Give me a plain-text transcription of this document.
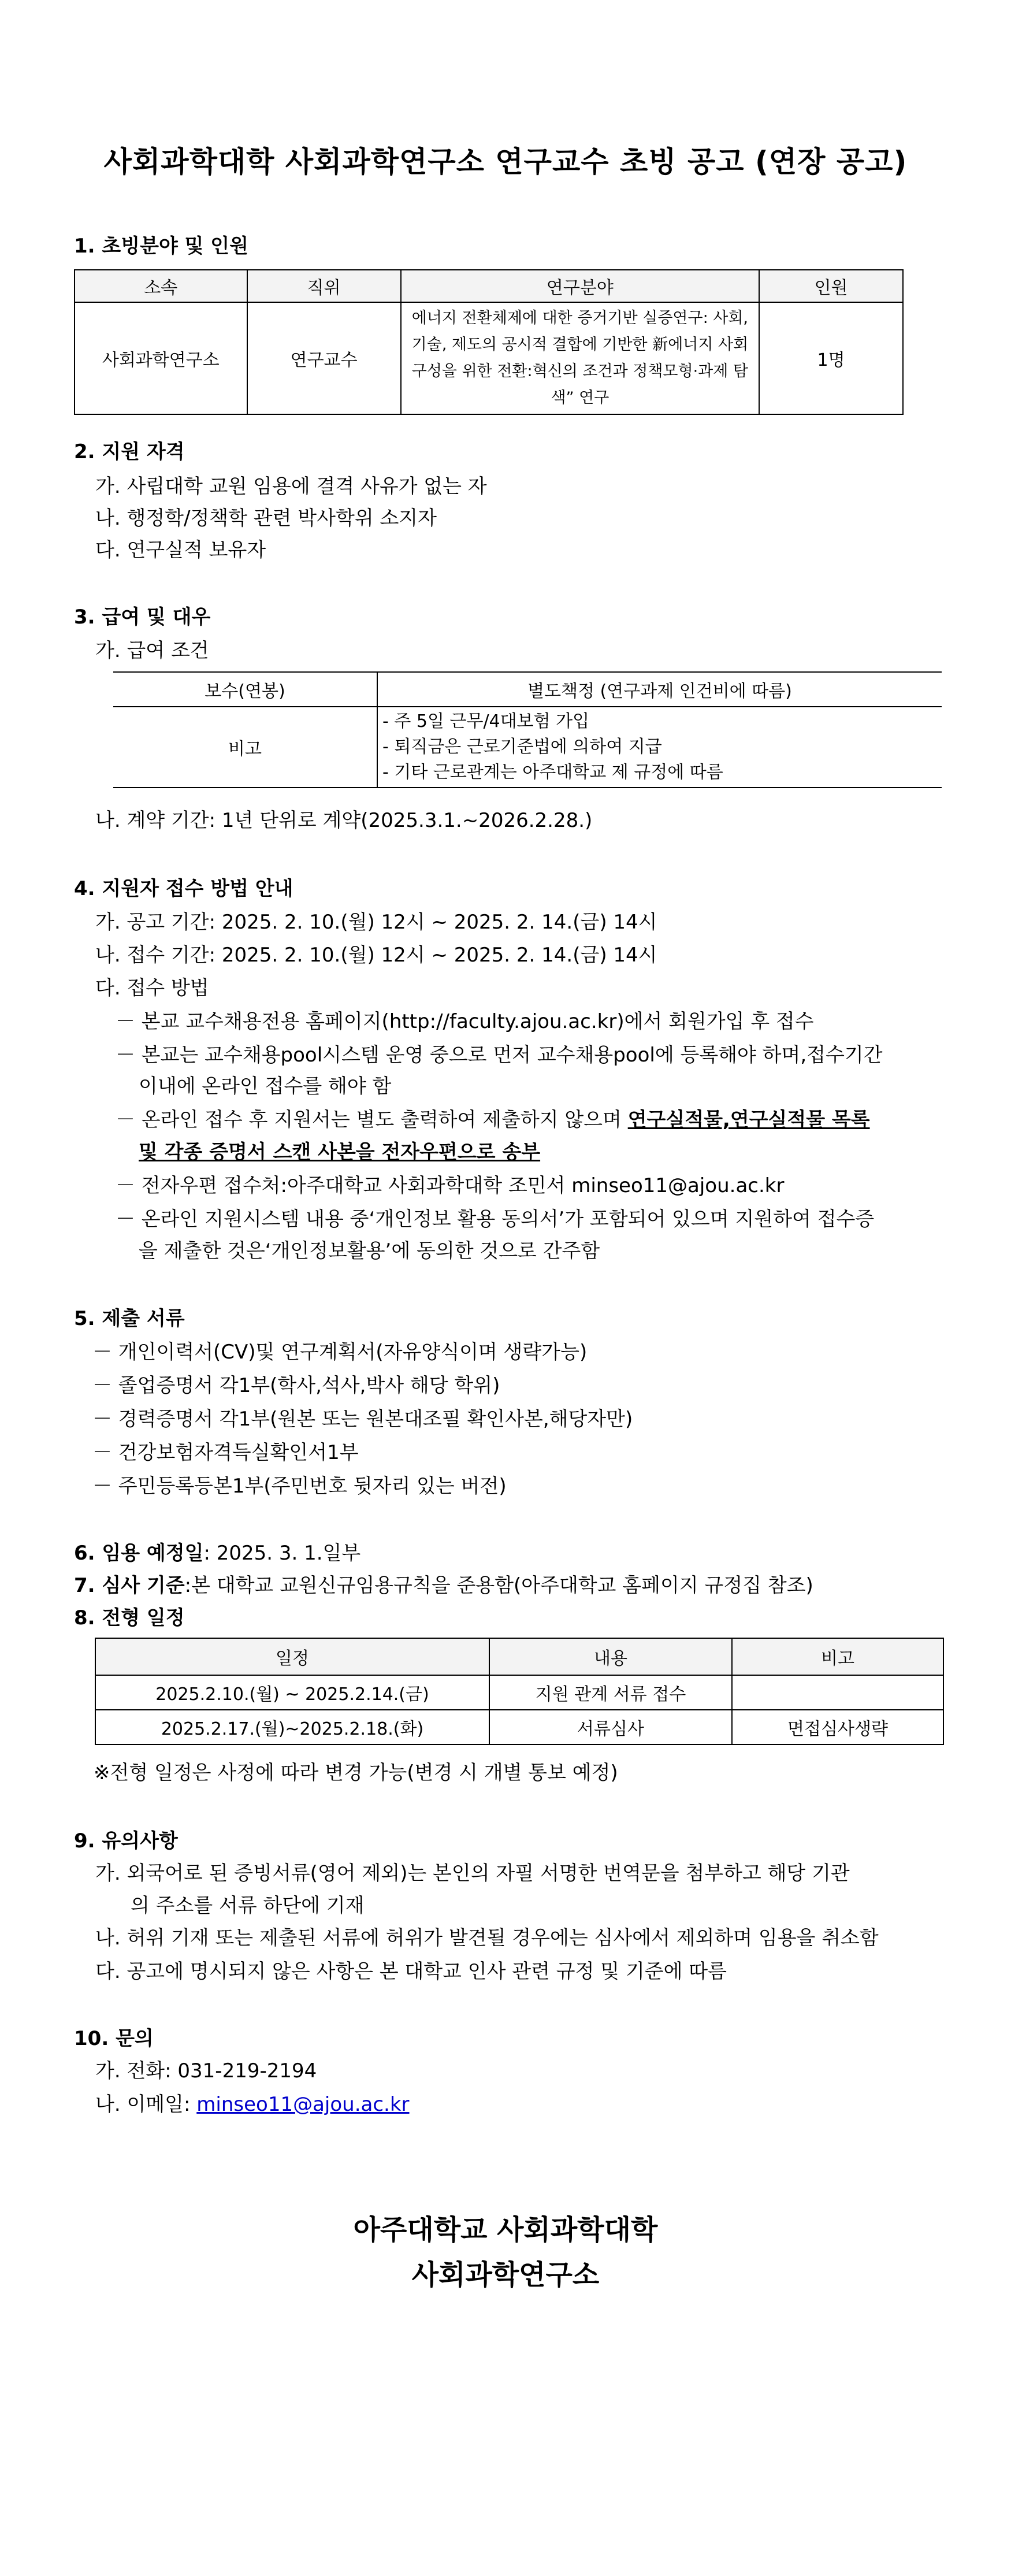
사회과학대학 사회과학연구소 연구교수 초빙 공고 (연장 공고)
1. 초빙분야 및 인원
소속	직위	연구분야	인원
사회과학연구소	연구교수	에너지 전환체제에 대한 증거기반 실증연구: 사회, 기술, 제도의 공시적 결합에 기반한 新에너지 사회 구성을 위한 전환:혁신의 조건과 정책모형·과제 탐색” 연구	1명
2. 지원 자격
가. 사립대학 교원 임용에 결격 사유가 없는 자
나. 행정학/정책학 관련 박사학위 소지자
다. 연구실적 보유자
3. 급여 및 대우
가. 급여 조건
보수(연봉)	별도책정 (연구과제 인건비에 따름)
비고	- 주 5일 근무/4대보험 가입
- 퇴직금은 근로기준법에 의하여 지급
- 기타 근로관계는 아주대학교 제 규정에 따름
나. 계약 기간: 1년 단위로 계약(2025.3.1.~2026.2.28.)
4. 지원자 접수 방법 안내
가. 공고 기간: 2025. 2. 10.(월) 12시 ~ 2025. 2. 14.(금) 14시
나. 접수 기간: 2025. 2. 10.(월) 12시 ~ 2025. 2. 14.(금) 14시
다. 접수 방법
－ 본교 교수채용전용 홈페이지(http://faculty.ajou.ac.kr)에서 회원가입 후 접수
－ 본교는 교수채용pool시스템 운영 중으로 먼저 교수채용pool에 등록해야 하며,접수기간
이내에 온라인 접수를 해야 함
－ 온라인 접수 후 지원서는 별도 출력하여 제출하지 않으며 연구실적물,연구실적물 목록
및 각종 증명서 스캔 사본을 전자우편으로 송부
－ 전자우편 접수처:아주대학교 사회과학대학 조민서 minseo11@ajou.ac.kr
－ 온라인 지원시스템 내용 중‘개인정보 활용 동의서’가 포함되어 있으며 지원하여 접수증
을 제출한 것은‘개인정보활용’에 동의한 것으로 간주함
5. 제출 서류
－ 개인이력서(CV)및 연구계획서(자유양식이며 생략가능)
－ 졸업증명서 각1부(학사,석사,박사 해당 학위)
－ 경력증명서 각1부(원본 또는 원본대조필 확인사본,해당자만)
－ 건강보험자격득실확인서1부
－ 주민등록등본1부(주민번호 뒷자리 있는 버전)
6. 임용 예정일: 2025. 3. 1.일부
7. 심사 기준:본 대학교 교원신규임용규칙을 준용함(아주대학교 홈페이지 규정집 참조)
8. 전형 일정
일정	내용	비고
2025.2.10.(월) ~ 2025.2.14.(금)	지원 관계 서류 접수	
2025.2.17.(월)~2025.2.18.(화)	서류심사	면접심사생략
※전형 일정은 사정에 따라 변경 가능(변경 시 개별 통보 예정)
9. 유의사항
가. 외국어로 된 증빙서류(영어 제외)는 본인의 자필 서명한 번역문을 첨부하고 해당 기관
의 주소를 서류 하단에 기재
나. 허위 기재 또는 제출된 서류에 허위가 발견될 경우에는 심사에서 제외하며 임용을 취소함
다. 공고에 명시되지 않은 사항은 본 대학교 인사 관련 규정 및 기준에 따름
10. 문의
가. 전화: 031-219-2194
나. 이메일: minseo11@ajou.ac.kr
아주대학교 사회과학대학
사회과학연구소
